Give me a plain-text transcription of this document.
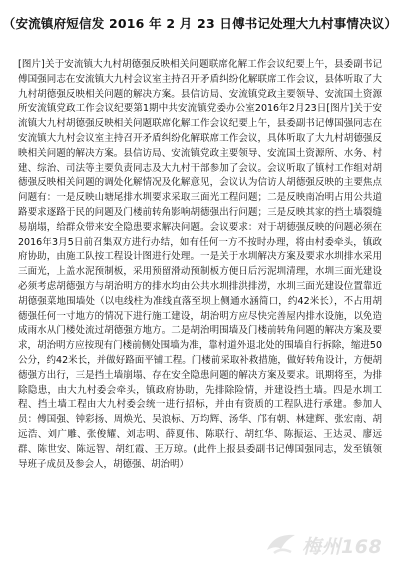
（安流镇府短信发 2016 年 2 月 23 日傅书记处理大九村事情决议）

[图片]关于安流镇大九村胡德强反映相关问题联席化解工作会议纪要上午，县委副书记傅国强同志在安流镇大九村会议室主持召开矛盾纠纷化解联席工作会议，县体听取了大九村胡德强反映相关问题的解决方案。县信访局、安流镇党政主要领导、安流国土资源所安流镇党政工作会议纪要第1期中共安流镇党委办公室2016年2月23日[图片]关于安流镇大九村胡德强反映相关问题联席化解工作会议纪要上午，县委副书记傅国强同志在安流镇大九村会议室主持召开矛盾纠纷化解联席工作会议，具体听取了大九村胡德强反映相关问题的解决方案。县信访局、安流镇党政主要领导、安流国土资源所、水务、村建、综治、司法等主要负责同志及大九村干部参加了会议。会议听取了镇村工作组对胡德强反映相关问题的调处化解情况及化解意见，会议认为信访人胡德强反映的主要焦点问题有：一是反映山塘尾排水圳要求采取三面光工程问题；二是反映南冶明占用公共道路要求逐路于民的问题及门楼前转角影响胡德强出行问题；三是反映其家的挡土墙裂缝易崩塌，给群众带来安全隐患要求解决问题。会议要求：对于胡德强反映的问题必须在2016年3月5日前召集双方进行办结，如有任何一方不按时办理，将由村委牵头，镇政府协助，由施工队按工程设计图进行处理。一是关于水圳解决方案及要求水圳排水采用三面光，上盖水泥预制板，采用预留滑动预制板方便日后污泥圳清理，水圳三面光建设必须考虑胡德强方与胡治明方的排水均由公共水圳排洪排涝，水圳三面光建设位置靠近胡德强菜地围墙处（以电线柱为准线直落至坝上侧通水涵简口，约42米长），不占用胡德强任何一寸地方的情况下进行施工建设，胡治明方应尽快完善屋内排水设施，以免造成雨水从门楼处流过胡德强方地方。二是胡治明围墙及门楼前转角问题的解决方案及要求，胡治明方应按现有门楼前侧处围墙为准，靠村道外退北处的围墙自行拆除，缩进50公分，约42米长，并做好路面平铺工程。门楼前采取补救措施，做好转角设计，方便胡德强方出行，三是挡土墙崩塌、存在安全隐患问题的解决方案及要求。讯期将至，为排除隐患，由大九村委会牵头，镇政府协助，先排除险情，并建设挡土墙。四是水圳工程、挡土墙工程由大九村委会统一进行招标，并由有资质的工程队进行承建。参加人员：傅国强、钟彩扬、周焕光、吴浪标、万均辉、汤华、邝有朝、林建辉、张宏南、胡远浩、刘广雕、张俊耀、刘志明、薛夏伟、陈联行、胡红华、陈振运、王达灵、廖远群、陈世安、陈远智、胡红霞、王万琼。(此件上报县委副书记傅国强同志，发至镇领导班子成员及参会人，胡德强、胡治明）

梅州168
